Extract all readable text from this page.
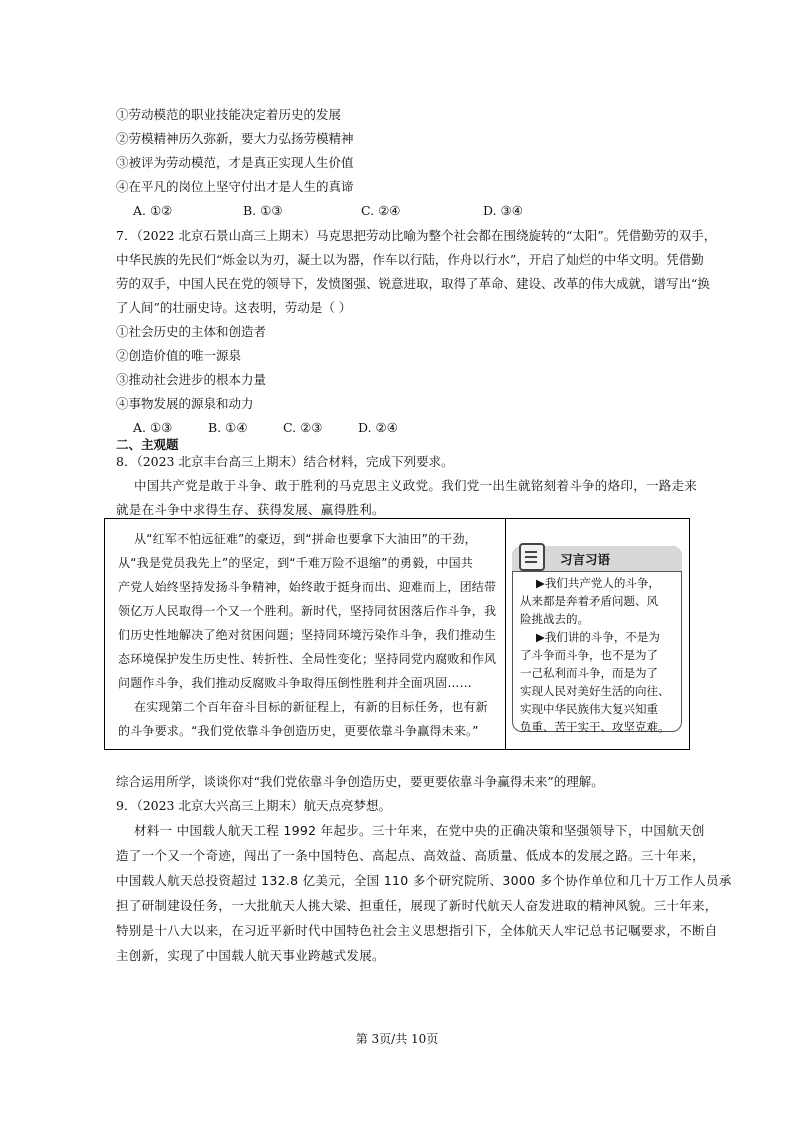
①劳动模范的职业技能决定着历史的发展
②劳模精神历久弥新，要大力弘扬劳模精神
③被评为劳动模范，才是真正实现人生价值
④在平凡的岗位上坚守付出才是人生的真谛
A. ①②	B. ①③	C. ②④	D. ③④
7．（2022 北京石景山高三上期末）马克思把劳动比喻为整个社会都在围绕旋转的“太阳”。凭借勤劳的双手，
中华民族的先民们“烁金以为刃，凝土以为器，作车以行陆，作舟以行水”，开启了灿烂的中华文明。凭借勤
劳的双手，中国人民在党的领导下，发愤图强、锐意进取，取得了革命、建设、改革的伟大成就，谱写出“换
了人间”的壮丽史诗。这表明，劳动是（ ）
①社会历史的主体和创造者
②创造价值的唯一源泉
③推动社会进步的根本力量
④事物发展的源泉和动力
A. ①③	B. ①④	C. ②③	D. ②④
二、主观题
8．（2023 北京丰台高三上期末）结合材料，完成下列要求。
中国共产党是敢于斗争、敢于胜利的马克思主义政党。我们党一出生就铭刻着斗争的烙印，一路走来
就是在斗争中求得生存、获得发展、赢得胜利。
从“红军不怕远征难”的豪迈，到“拼命也要拿下大油田”的干劲，
从“我是党员我先上”的坚定，到“千难万险不退缩”的勇毅，中国共
产党人始终坚持发扬斗争精神，始终敢于挺身而出、迎难而上，团结带
领亿万人民取得一个又一个胜利。新时代，坚持同贫困落后作斗争，我
们历史性地解决了绝对贫困问题；坚持同环境污染作斗争，我们推动生
态环境保护发生历史性、转折性、全局性变化；坚持同党内腐败和作风
问题作斗争，我们推动反腐败斗争取得压倒性胜利并全面巩固……
在实现第二个百年奋斗目标的新征程上，有新的目标任务，也有新
的斗争要求。“我们党依靠斗争创造历史，更要依靠斗争赢得未来。”
习言习语
▶我们共产党人的斗争，
从来都是奔着矛盾问题、风
险挑战去的。
▶我们讲的斗争，不是为
了斗争而斗争，也不是为了
一己私利而斗争，而是为了
实现人民对美好生活的向往、
实现中华民族伟大复兴知重
负重、苦干实干、攻坚克难。
综合运用所学，谈谈你对“我们党依靠斗争创造历史，要更要依靠斗争赢得未来”的理解。
9．（2023 北京大兴高三上期末）航天点亮梦想。
材料一 中国载人航天工程 1992 年起步。三十年来，在党中央的正确决策和坚强领导下，中国航天创
造了一个又一个奇迹，闯出了一条中国特色、高起点、高效益、高质量、低成本的发展之路。三十年来，
中国载人航天总投资超过 132.8 亿美元，全国 110 多个研究院所、3000 多个协作单位和几十万工作人员承
担了研制建设任务，一大批航天人挑大梁、担重任，展现了新时代航天人奋发进取的精神风貌。三十年来，
特别是十八大以来，在习近平新时代中国特色社会主义思想指引下，全体航天人牢记总书记嘱要求，不断自
主创新，实现了中国载人航天事业跨越式发展。
第 3页/共 10页
